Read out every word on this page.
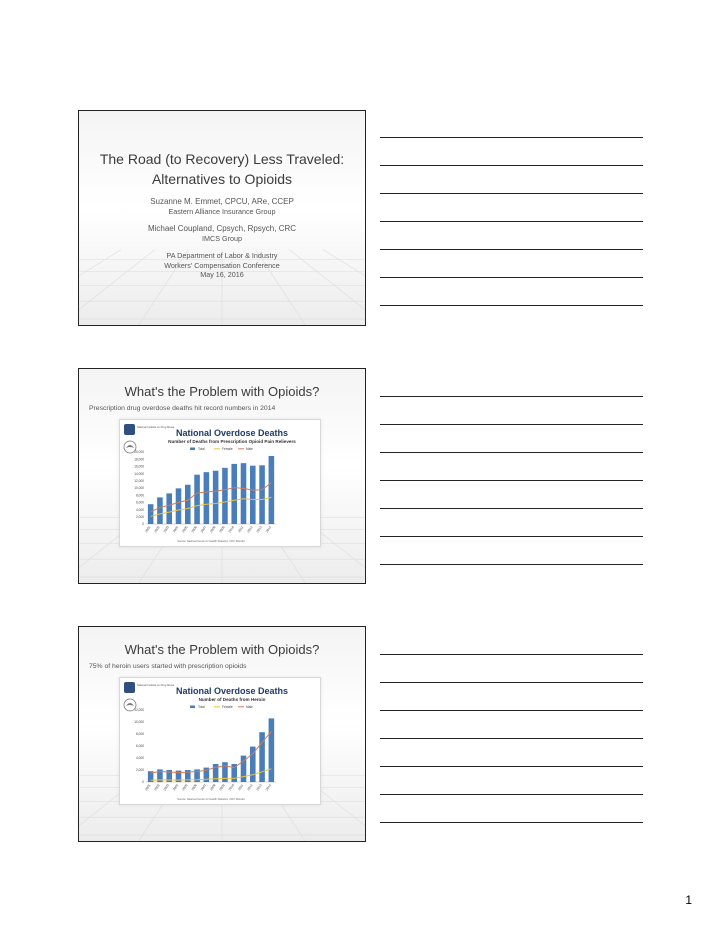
The Road (to Recovery) Less Traveled: Alternatives to Opioids
Suzanne M. Emmet, CPCU, ARe, CCEP
Eastern Alliance Insurance Group
Michael Coupland, Cpsych, Rpsych, CRC
IMCS Group
PA Department of Labor & Industry
Workers' Compensation Conference
May 16, 2016
What's the Problem with Opioids?
Prescription drug overdose deaths hit record numbers in 2014
National Institute on Drug Abuse
National Overdose Deaths
Number of Deaths from Prescription Opioid Pain Relievers
Total	Female	Male
0
2,000
4,000
6,000
8,000
10,000
12,000
14,000
16,000
18,000
20,000
2001 2002 2003 2004 2005 2006 2007 2008 2009 2010 2011 2012 2013 2014
Source: National Center for Health Statistics, CDC Wonder
What's the Problem with Opioids?
75% of heroin users started with prescription opioids
National Institute on Drug Abuse
National Overdose Deaths
Number of Deaths from Heroin
Total	Female	Male
0
2,000
4,000
6,000
8,000
10,000
12,000
2001 2002 2003 2004 2005 2006 2007 2008 2009 2010 2011 2012 2013 2014
Source: National Center for Health Statistics, CDC Wonder
1
